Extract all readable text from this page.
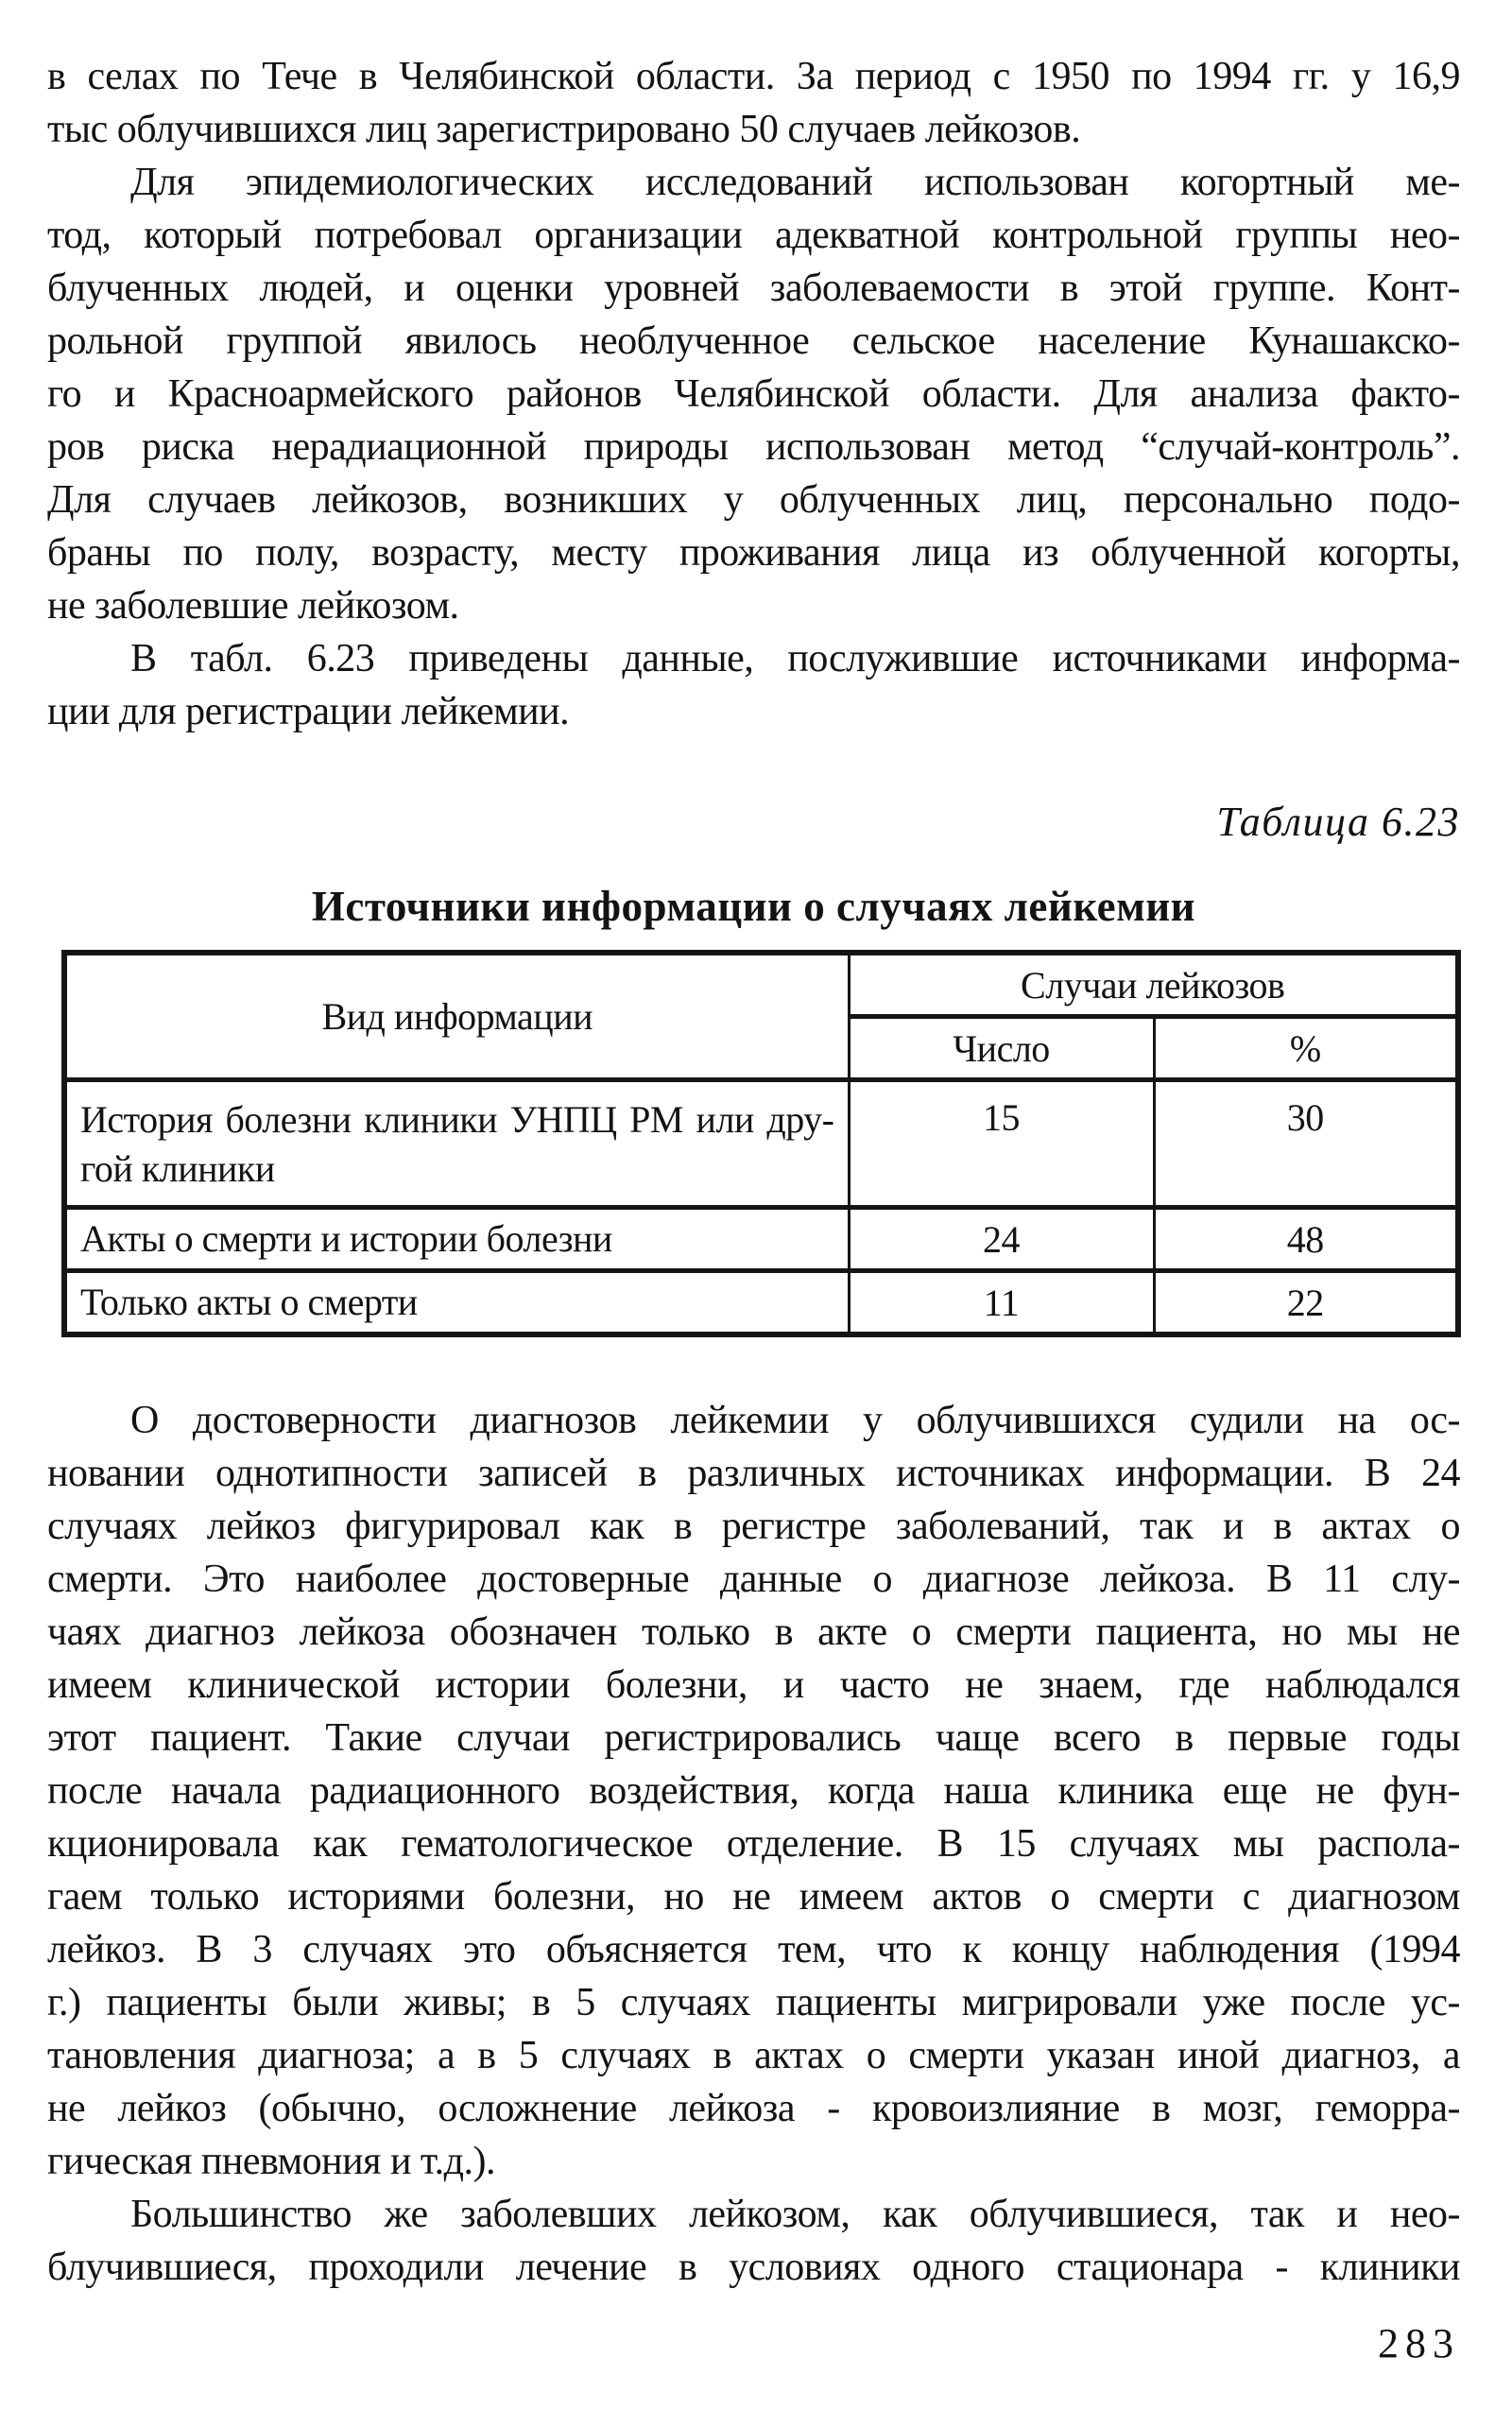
в селах по Тече в Челябинской области. За период с 1950 по 1994 гг. у 16,9
тыс облучившихся лиц зарегистрировано 50 случаев лейкозов.
Для эпидемиологических исследований использован когортный ме-
тод, который потребовал организации адекватной контрольной группы нео-
блученных людей, и оценки уровней заболеваемости в этой группе. Конт-
рольной группой явилось необлученное сельское население Кунашакско-
го и Красноармейского районов Челябинской области. Для анализа факто-
ров риска нерадиационной природы использован метод “случай-контроль”.
Для случаев лейкозов, возникших у облученных лиц, персонально подо-
браны по полу, возрасту, месту проживания лица из облученной когорты,
не заболевшие лейкозом.
В табл. 6.23 приведены данные, послужившие источниками информа-
ции для регистрации лейкемии.
Таблица 6.23
Источники информации о случаях лейкемии
Вид информации	Случаи лейкозов	
	Число	%

История болезни клиники УНПЦ РМ или дру-
гой клиники	15	30

Акты о смерти и истории болезни	24	48

Только акты о смерти	11	22
О достоверности диагнозов лейкемии у облучившихся судили на ос-
новании однотипности записей в различных источниках информации. В 24
случаях лейкоз фигурировал как в регистре заболеваний, так и в актах о
смерти. Это наиболее достоверные данные о диагнозе лейкоза. В 11 слу-
чаях диагноз лейкоза обозначен только в акте о смерти пациента, но мы не
имеем клинической истории болезни, и часто не знаем, где наблюдался
этот пациент. Такие случаи регистрировались чаще всего в первые годы
после начала радиационного воздействия, когда наша клиника еще не фун-
кционировала как гематологическое отделение. В 15 случаях мы распола-
гаем только историями болезни, но не имеем актов о смерти с диагнозом
лейкоз. В 3 случаях это объясняется тем, что к концу наблюдения (1994
г.) пациенты были живы; в 5 случаях пациенты мигрировали уже после ус-
тановления диагноза; а в 5 случаях в актах о смерти указан иной диагноз, а
не лейкоз (обычно, осложнение лейкоза - кровоизлияние в мозг, геморра-
гическая пневмония и т.д.).
Большинство же заболевших лейкозом, как облучившиеся, так и нео-
блучившиеся, проходили лечение в условиях одного стационара - клиники
283
